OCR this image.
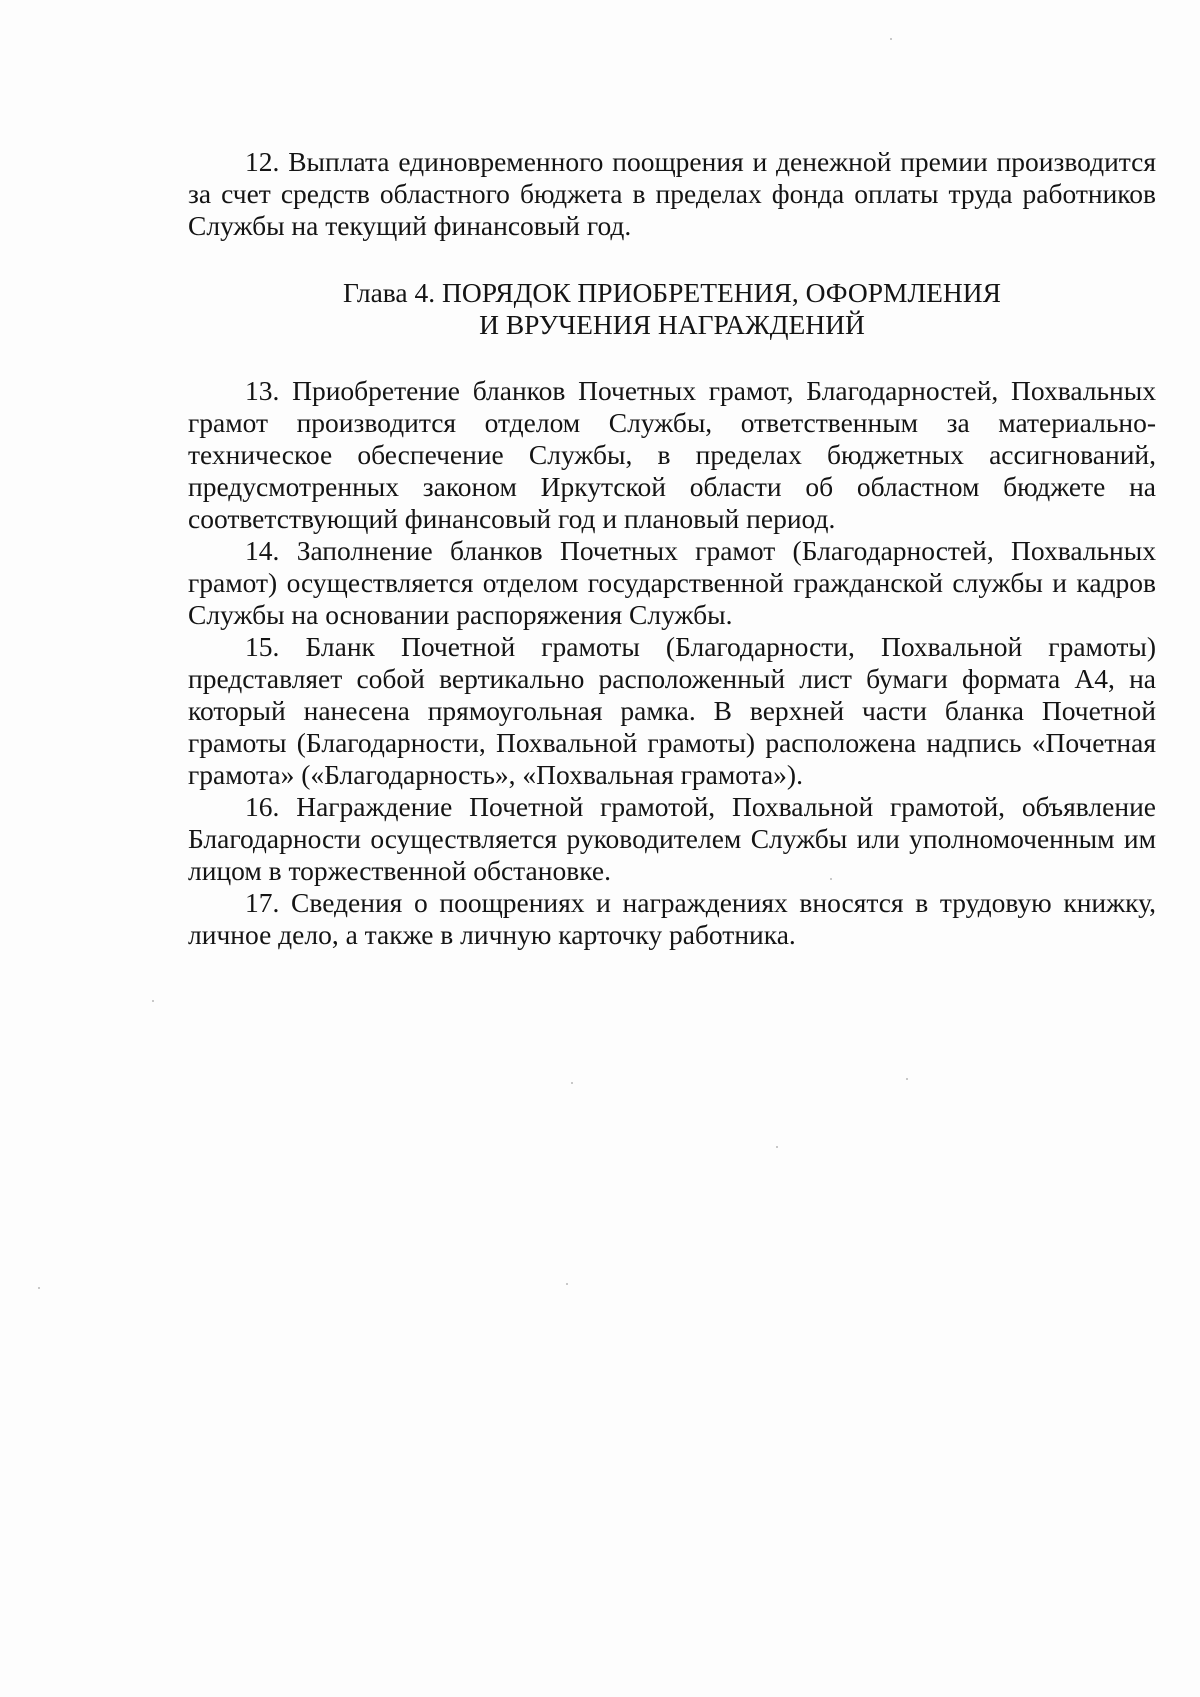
12. Выплата единовременного поощрения и денежной премии производится за счет средств областного бюджета в пределах фонда оплаты труда работников Службы на текущий финансовый год.

Глава 4. ПОРЯДОК ПРИОБРЕТЕНИЯ, ОФОРМЛЕНИЯ
И ВРУЧЕНИЯ НАГРАЖДЕНИЙ

13. Приобретение бланков Почетных грамот, Благодарностей, Похвальных грамот производится отделом Службы, ответственным за материально-техническое обеспечение Службы, в пределах бюджетных ассигнований, предусмотренных законом Иркутской области об областном бюджете на соответствующий финансовый год и плановый период.

14. Заполнение бланков Почетных грамот (Благодарностей, Похвальных грамот) осуществляется отделом государственной гражданской службы и кадров Службы на основании распоряжения Службы.

15. Бланк Почетной грамоты (Благодарности, Похвальной грамоты) представляет собой вертикально расположенный лист бумаги формата А4, на который нанесена прямоугольная рамка. В верхней части бланка Почетной грамоты (Благодарности, Похвальной грамоты) расположена надпись «Почетная грамота» («Благодарность», «Похвальная грамота»).

16. Награждение Почетной грамотой, Похвальной грамотой, объявление Благодарности осуществляется руководителем Службы или уполномоченным им лицом в торжественной обстановке.

17. Сведения о поощрениях и награждениях вносятся в трудовую книжку, личное дело, а также в личную карточку работника.
